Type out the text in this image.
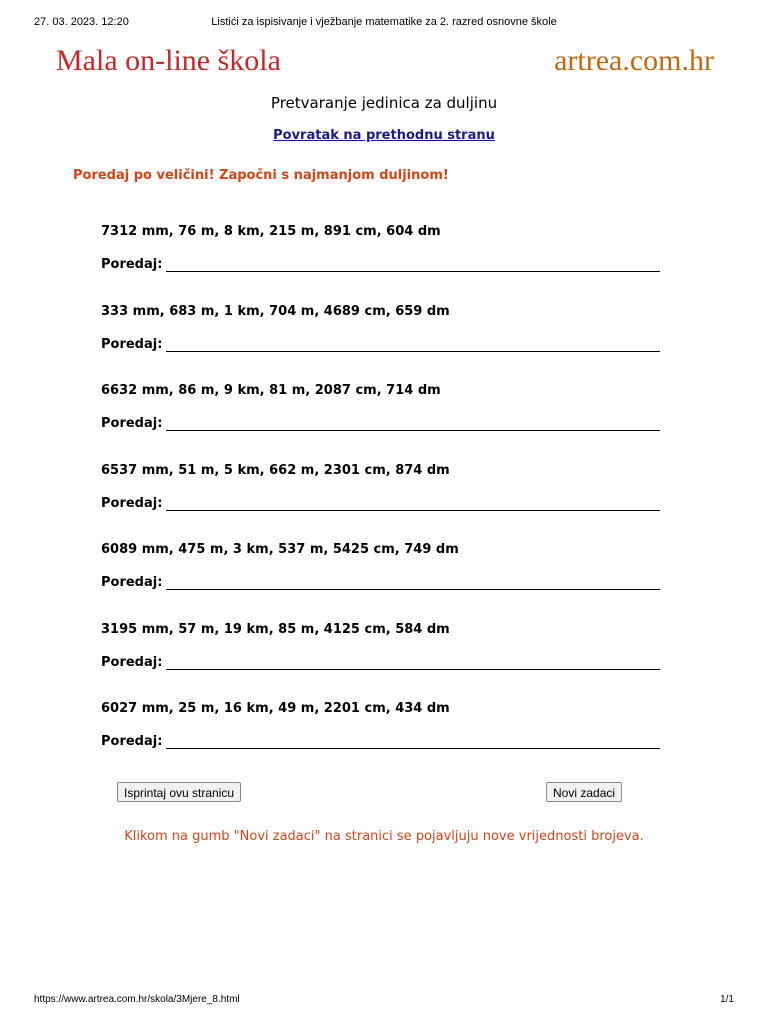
27. 03. 2023. 12:20	Listići za ispisivanje i vježbanje matematike za 2. razred osnovne škole
Mala on-line škola	artrea.com.hr
Pretvaranje jedinica za duljinu
Povratak na prethodnu stranu
Poredaj po veličini! Započni s najmanjom duljinom!
7312 mm, 76 m, 8 km, 215 m, 891 cm, 604 dm
Poredaj:
333 mm, 683 m, 1 km, 704 m, 4689 cm, 659 dm
Poredaj:
6632 mm, 86 m, 9 km, 81 m, 2087 cm, 714 dm
Poredaj:
6537 mm, 51 m, 5 km, 662 m, 2301 cm, 874 dm
Poredaj:
6089 mm, 475 m, 3 km, 537 m, 5425 cm, 749 dm
Poredaj:
3195 mm, 57 m, 19 km, 85 m, 4125 cm, 584 dm
Poredaj:
6027 mm, 25 m, 16 km, 49 m, 2201 cm, 434 dm
Poredaj:
Isprintaj ovu stranicu	Novi zadaci
Klikom na gumb "Novi zadaci" na stranici se pojavljuju nove vrijednosti brojeva.
https://www.artrea.com.hr/skola/3Mjere_8.html	1/1
